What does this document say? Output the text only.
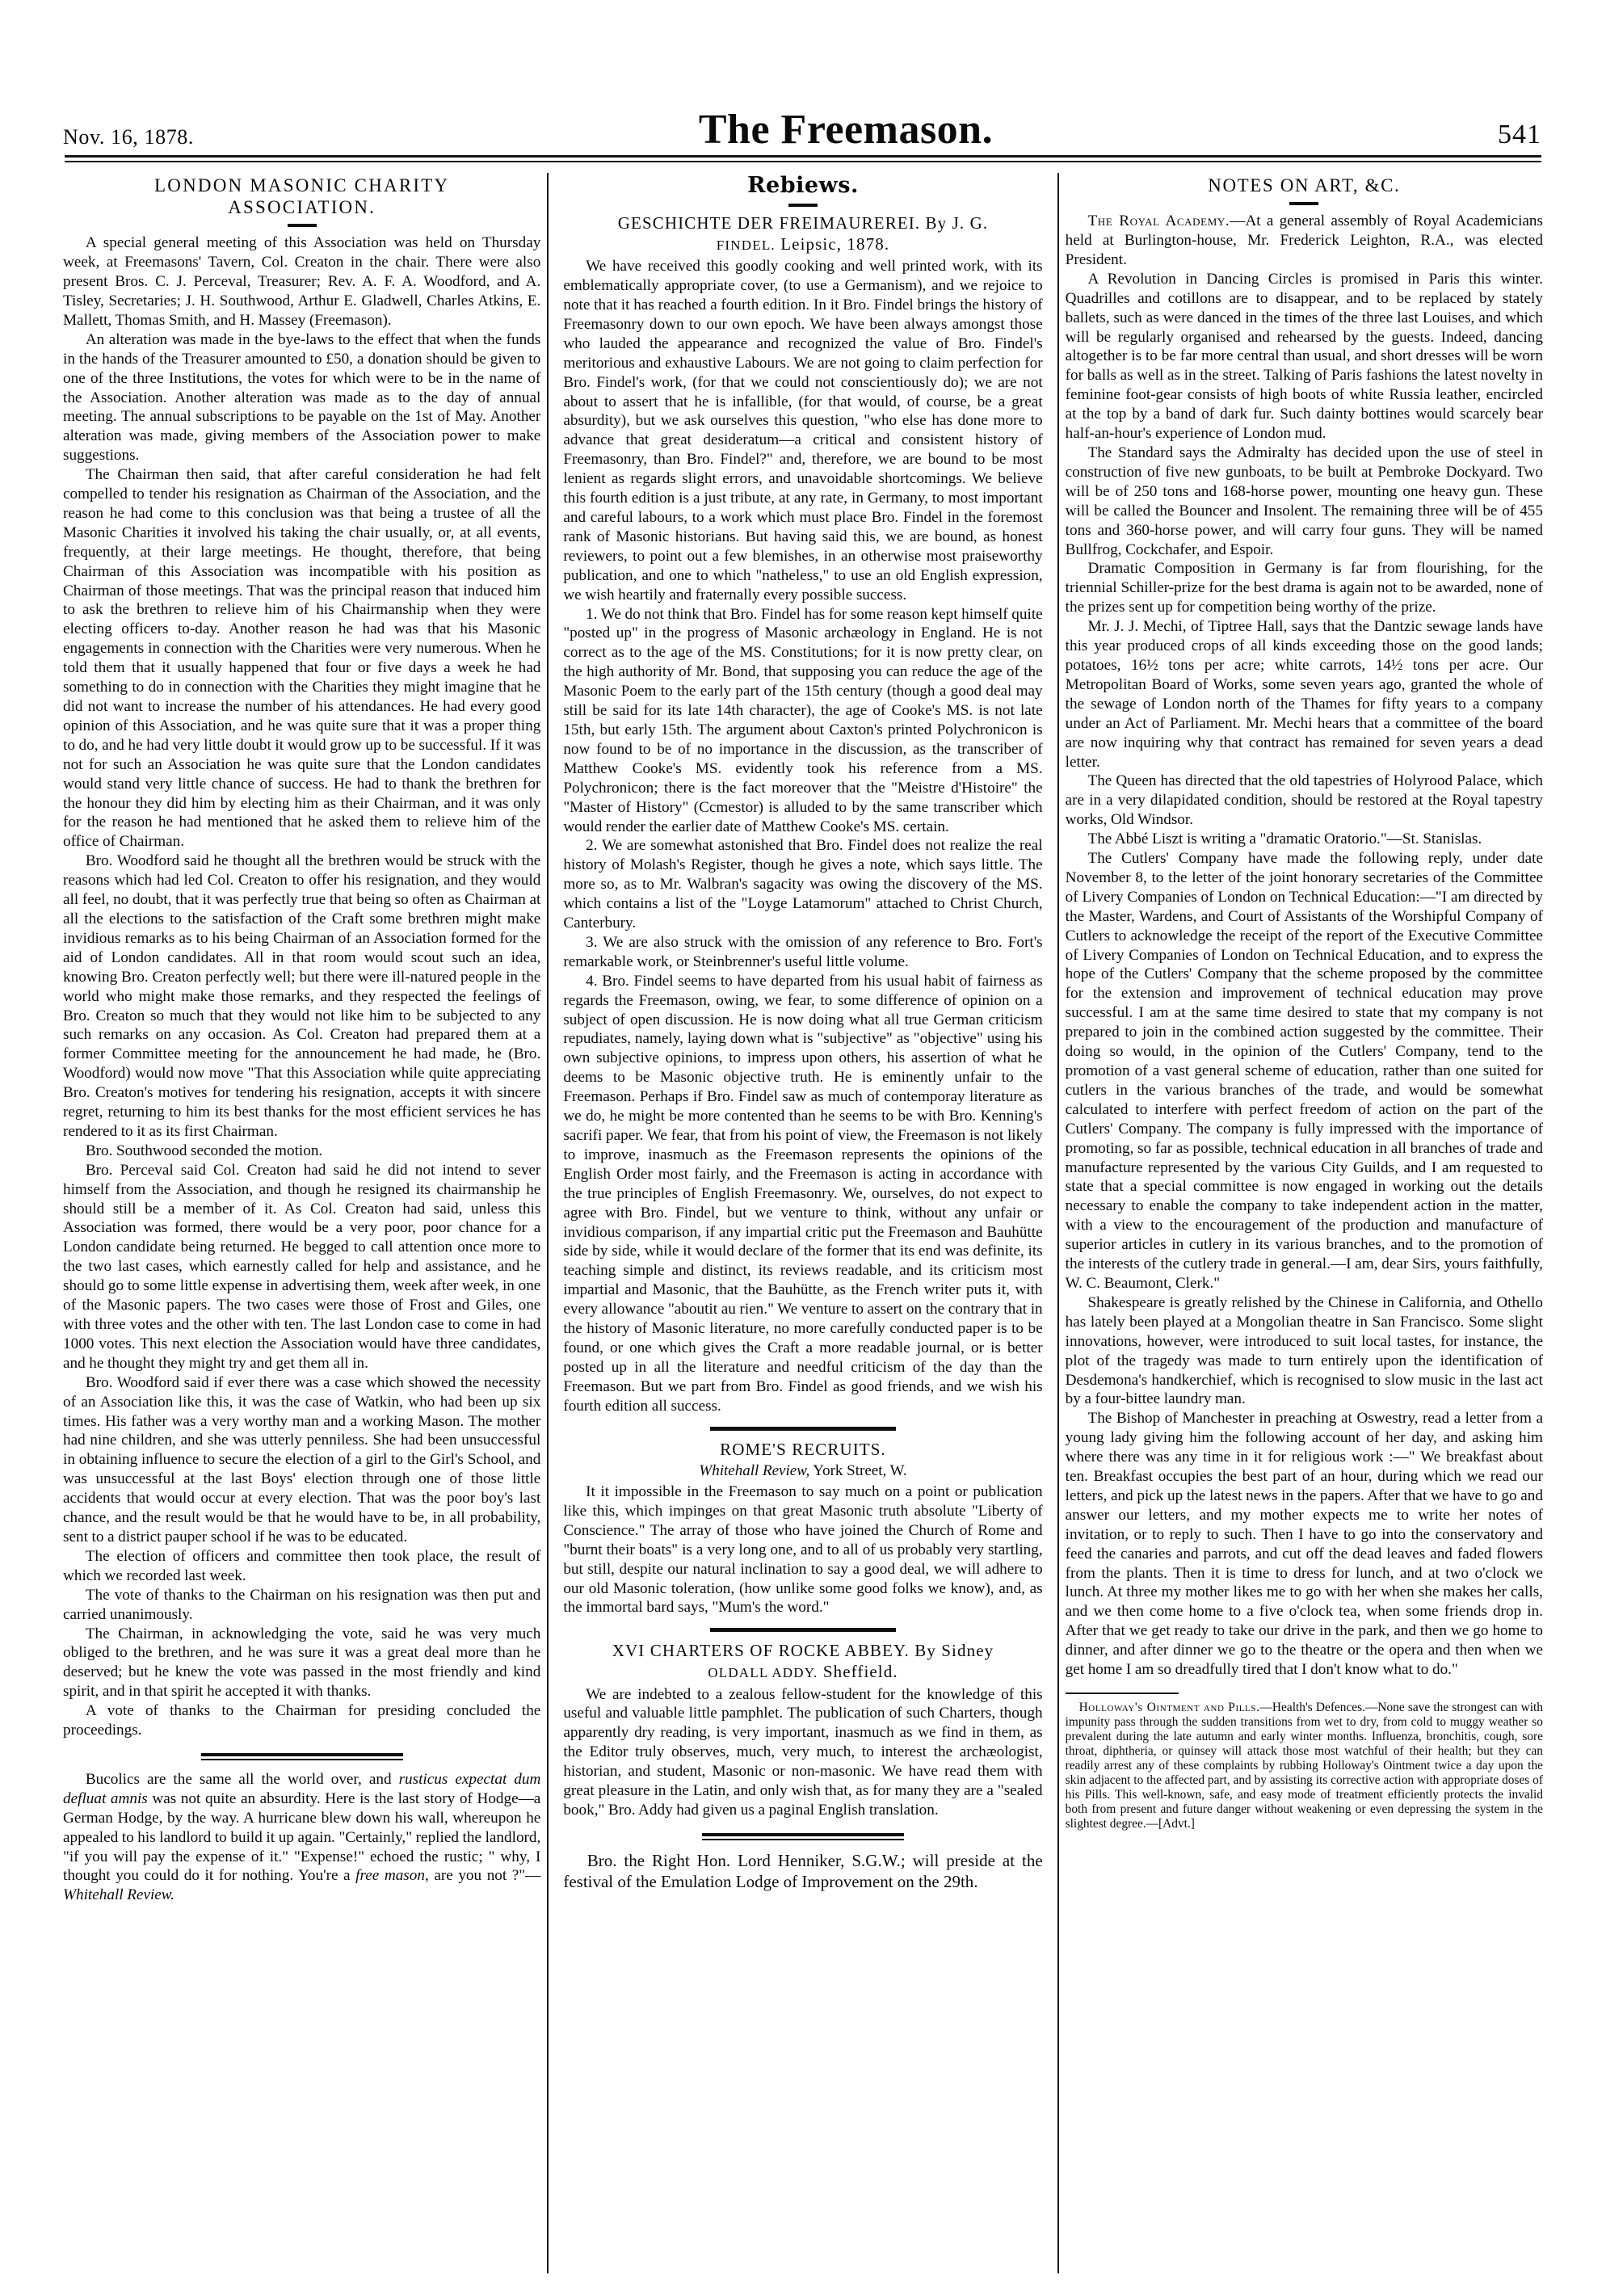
Nov. 16, 1878.	The Freemason.	541
LONDON MASONIC CHARITY
ASSOCIATION.

A special general meeting of this Association was held on Thursday week, at Freemasons' Tavern, Col. Creaton in the chair. There were also present Bros. C. J. Perceval, Treasurer; Rev. A. F. A. Woodford, and A. Tisley, Secretaries; J. H. Southwood, Arthur E. Gladwell, Charles Atkins, E. Mallett, Thomas Smith, and H. Massey (Freemason).

An alteration was made in the bye-laws to the effect that when the funds in the hands of the Treasurer amounted to £50, a donation should be given to one of the three Institutions, the votes for which were to be in the name of the Association. Another alteration was made as to the day of annual meeting. The annual subscriptions to be payable on the 1st of May. Another alteration was made, giving members of the Association power to make suggestions.

The Chairman then said, that after careful consideration he had felt compelled to tender his resignation as Chairman of the Association, and the reason he had come to this conclusion was that being a trustee of all the Masonic Charities it involved his taking the chair usually, or, at all events, frequently, at their large meetings. He thought, therefore, that being Chairman of this Association was incompatible with his position as Chairman of those meetings. That was the principal reason that induced him to ask the brethren to relieve him of his Chairmanship when they were electing officers to-day. Another reason he had was that his Masonic engagements in connection with the Charities were very numerous. When he told them that it usually happened that four or five days a week he had something to do in connection with the Charities they might imagine that he did not want to increase the number of his attendances. He had every good opinion of this Association, and he was quite sure that it was a proper thing to do, and he had very little doubt it would grow up to be successful. If it was not for such an Association he was quite sure that the London candidates would stand very little chance of success. He had to thank the brethren for the honour they did him by electing him as their Chairman, and it was only for the reason he had mentioned that he asked them to relieve him of the office of Chairman.

Bro. Woodford said he thought all the brethren would be struck with the reasons which had led Col. Creaton to offer his resignation, and they would all feel, no doubt, that it was perfectly true that being so often as Chairman at all the elections to the satisfaction of the Craft some brethren might make invidious remarks as to his being Chairman of an Association formed for the aid of London candidates. All in that room would scout such an idea, knowing Bro. Creaton perfectly well; but there were ill-natured people in the world who might make those remarks, and they respected the feelings of Bro. Creaton so much that they would not like him to be subjected to any such remarks on any occasion. As Col. Creaton had prepared them at a former Committee meeting for the announcement he had made, he (Bro. Woodford) would now move "That this Association while quite appreciating Bro. Creaton's motives for tendering his resignation, accepts it with sincere regret, returning to him its best thanks for the most efficient services he has rendered to it as its first Chairman.

Bro. Southwood seconded the motion.

Bro. Perceval said Col. Creaton had said he did not intend to sever himself from the Association, and though he resigned its chairmanship he should still be a member of it. As Col. Creaton had said, unless this Association was formed, there would be a very poor, poor chance for a London candidate being returned. He begged to call attention once more to the two last cases, which earnestly called for help and assistance, and he should go to some little expense in advertising them, week after week, in one of the Masonic papers. The two cases were those of Frost and Giles, one with three votes and the other with ten. The last London case to come in had 1000 votes. This next election the Association would have three candidates, and he thought they might try and get them all in.

Bro. Woodford said if ever there was a case which showed the necessity of an Association like this, it was the case of Watkin, who had been up six times. His father was a very worthy man and a working Mason. The mother had nine children, and she was utterly penniless. She had been unsuccessful in obtaining influence to secure the election of a girl to the Girl's School, and was unsuccessful at the last Boys' election through one of those little accidents that would occur at every election. That was the poor boy's last chance, and the result would be that he would have to be, in all probability, sent to a district pauper school if he was to be educated.

The election of officers and committee then took place, the result of which we recorded last week.

The vote of thanks to the Chairman on his resignation was then put and carried unanimously.

The Chairman, in acknowledging the vote, said he was very much obliged to the brethren, and he was sure it was a great deal more than he deserved; but he knew the vote was passed in the most friendly and kind spirit, and in that spirit he accepted it with thanks.

A vote of thanks to the Chairman for presiding concluded the proceedings.

Bucolics are the same all the world over, and rusticus expectat dum defluat amnis was not quite an absurdity. Here is the last story of Hodge—a German Hodge, by the way. A hurricane blew down his wall, whereupon he appealed to his landlord to build it up again. "Certainly," replied the landlord, "if you will pay the expense of it." "Expense!" echoed the rustic; " why, I thought you could do it for nothing. You're a free mason, are you not ?"—Whitehall Review.

Rebiews.
GESCHICHTE DER FREIMAUREREI. By J. G.
FINDEL. Leipsic, 1878.

We have received this goodly cooking and well printed work, with its emblematically appropriate cover, (to use a Germanism), and we rejoice to note that it has reached a fourth edition. In it Bro. Findel brings the history of Freemasonry down to our own epoch. We have been always amongst those who lauded the appearance and recognized the value of Bro. Findel's meritorious and exhaustive Labours. We are not going to claim perfection for Bro. Findel's work, (for that we could not conscientiously do); we are not about to assert that he is infallible, (for that would, of course, be a great absurdity), but we ask ourselves this question, "who else has done more to advance that great desideratum—a critical and consistent history of Freemasonry, than Bro. Findel?" and, therefore, we are bound to be most lenient as regards slight errors, and unavoidable shortcomings. We believe this fourth edition is a just tribute, at any rate, in Germany, to most important and careful labours, to a work which must place Bro. Findel in the foremost rank of Masonic historians. But having said this, we are bound, as honest reviewers, to point out a few blemishes, in an otherwise most praiseworthy publication, and one to which "natheless," to use an old English expression, we wish heartily and fraternally every possible success.

1. We do not think that Bro. Findel has for some reason kept himself quite "posted up" in the progress of Masonic archæology in England. He is not correct as to the age of the MS. Constitutions; for it is now pretty clear, on the high authority of Mr. Bond, that supposing you can reduce the age of the Masonic Poem to the early part of the 15th century (though a good deal may still be said for its late 14th character), the age of Cooke's MS. is not late 15th, but early 15th. The argument about Caxton's printed Polychronicon is now found to be of no importance in the discussion, as the transcriber of Matthew Cooke's MS. evidently took his reference from a MS. Polychronicon; there is the fact moreover that the "Meistre d'Histoire" the "Master of History" (Ccmestor) is alluded to by the same transcriber which would render the earlier date of Matthew Cooke's MS. certain.

2. We are somewhat astonished that Bro. Findel does not realize the real history of Molash's Register, though he gives a note, which says little. The more so, as to Mr. Walbran's sagacity was owing the discovery of the MS. which contains a list of the "Loyge Latamorum" attached to Christ Church, Canterbury.

3. We are also struck with the omission of any reference to Bro. Fort's remarkable work, or Steinbrenner's useful little volume.

4. Bro. Findel seems to have departed from his usual habit of fairness as regards the Freemason, owing, we fear, to some difference of opinion on a subject of open discussion. He is now doing what all true German criticism repudiates, namely, laying down what is "subjective" as "objective" using his own subjective opinions, to impress upon others, his assertion of what he deems to be Masonic objective truth. He is eminently unfair to the Freemason. Perhaps if Bro. Findel saw as much of contemporay literature as we do, he might be more contented than he seems to be with Bro. Kenning's sacrifi paper. We fear, that from his point of view, the Freemason is not likely to improve, inasmuch as the Freemason represents the opinions of the English Order most fairly, and the Freemason is acting in accordance with the true principles of English Freemasonry. We, ourselves, do not expect to agree with Bro. Findel, but we venture to think, without any unfair or invidious comparison, if any impartial critic put the Freemason and Bauhütte side by side, while it would declare of the former that its end was definite, its teaching simple and distinct, its reviews readable, and its criticism most impartial and Masonic, that the Bauhütte, as the French writer puts it, with every allowance "aboutit au rien." We venture to assert on the contrary that in the history of Masonic literature, no more carefully conducted paper is to be found, or one which gives the Craft a more readable journal, or is better posted up in all the literature and needful criticism of the day than the Freemason. But we part from Bro. Findel as good friends, and we wish his fourth edition all success.

ROME'S RECRUITS.
Whitehall Review, York Street, W.

It it impossible in the Freemason to say much on a point or publication like this, which impinges on that great Masonic truth absolute "Liberty of Conscience." The array of those who have joined the Church of Rome and "burnt their boats" is a very long one, and to all of us probably very startling, but still, despite our natural inclination to say a good deal, we will adhere to our old Masonic toleration, (how unlike some good folks we know), and, as the immortal bard says, "Mum's the word."

XVI CHARTERS OF ROCKE ABBEY. By Sidney
OLDALL ADDY. Sheffield.

We are indebted to a zealous fellow-student for the knowledge of this useful and valuable little pamphlet. The publication of such Charters, though apparently dry reading, is very important, inasmuch as we find in them, as the Editor truly observes, much, very much, to interest the archæologist, historian, and student, Masonic or non-masonic. We have read them with great pleasure in the Latin, and only wish that, as for many they are a "sealed book," Bro. Addy had given us a paginal English translation.

Bro. the Right Hon. Lord Henniker, S.G.W.; will preside at the festival of the Emulation Lodge of Improvement on the 29th.

NOTES ON ART, &C.

The Royal Academy.—At a general assembly of Royal Academicians held at Burlington-house, Mr. Frederick Leighton, R.A., was elected President.

A Revolution in Dancing Circles is promised in Paris this winter. Quadrilles and cotillons are to disappear, and to be replaced by stately ballets, such as were danced in the times of the three last Louises, and which will be regularly organised and rehearsed by the guests. Indeed, dancing altogether is to be far more central than usual, and short dresses will be worn for balls as well as in the street. Talking of Paris fashions the latest novelty in feminine foot-gear consists of high boots of white Russia leather, encircled at the top by a band of dark fur. Such dainty bottines would scarcely bear half-an-hour's experience of London mud.

The Standard says the Admiralty has decided upon the use of steel in construction of five new gunboats, to be built at Pembroke Dockyard. Two will be of 250 tons and 168-horse power, mounting one heavy gun. These will be called the Bouncer and Insolent. The remaining three will be of 455 tons and 360-horse power, and will carry four guns. They will be named Bullfrog, Cockchafer, and Espoir.

Dramatic Composition in Germany is far from flourishing, for the triennial Schiller-prize for the best drama is again not to be awarded, none of the prizes sent up for competition being worthy of the prize.

Mr. J. J. Mechi, of Tiptree Hall, says that the Dantzic sewage lands have this year produced crops of all kinds exceeding those on the good lands; potatoes, 16½ tons per acre; white carrots, 14½ tons per acre. Our Metropolitan Board of Works, some seven years ago, granted the whole of the sewage of London north of the Thames for fifty years to a company under an Act of Parliament. Mr. Mechi hears that a committee of the board are now inquiring why that contract has remained for seven years a dead letter.

The Queen has directed that the old tapestries of Holyrood Palace, which are in a very dilapidated condition, should be restored at the Royal tapestry works, Old Windsor.

The Abbé Liszt is writing a "dramatic Oratorio."—St. Stanislas.

The Cutlers' Company have made the following reply, under date November 8, to the letter of the joint honorary secretaries of the Committee of Livery Companies of London on Technical Education:—"I am directed by the Master, Wardens, and Court of Assistants of the Worshipful Company of Cutlers to acknowledge the receipt of the report of the Executive Committee of Livery Companies of London on Technical Education, and to express the hope of the Cutlers' Company that the scheme proposed by the committee for the extension and improvement of technical education may prove successful. I am at the same time desired to state that my company is not prepared to join in the combined action suggested by the committee. Their doing so would, in the opinion of the Cutlers' Company, tend to the promotion of a vast general scheme of education, rather than one suited for cutlers in the various branches of the trade, and would be somewhat calculated to interfere with perfect freedom of action on the part of the Cutlers' Company. The company is fully impressed with the importance of promoting, so far as possible, technical education in all branches of trade and manufacture represented by the various City Guilds, and I am requested to state that a special committee is now engaged in working out the details necessary to enable the company to take independent action in the matter, with a view to the encouragement of the production and manufacture of superior articles in cutlery in its various branches, and to the promotion of the interests of the cutlery trade in general.—I am, dear Sirs, yours faithfully, W. C. Beaumont, Clerk."

Shakespeare is greatly relished by the Chinese in California, and Othello has lately been played at a Mongolian theatre in San Francisco. Some slight innovations, however, were introduced to suit local tastes, for instance, the plot of the tragedy was made to turn entirely upon the identification of Desdemona's handkerchief, which is recognised to slow music in the last act by a four-bittee laundry man.

The Bishop of Manchester in preaching at Oswestry, read a letter from a young lady giving him the following account of her day, and asking him where there was any time in it for religious work :—" We breakfast about ten. Breakfast occupies the best part of an hour, during which we read our letters, and pick up the latest news in the papers. After that we have to go and answer our letters, and my mother expects me to write her notes of invitation, or to reply to such. Then I have to go into the conservatory and feed the canaries and parrots, and cut off the dead leaves and faded flowers from the plants. Then it is time to dress for lunch, and at two o'clock we lunch. At three my mother likes me to go with her when she makes her calls, and we then come home to a five o'clock tea, when some friends drop in. After that we get ready to take our drive in the park, and then we go home to dinner, and after dinner we go to the theatre or the opera and then when we get home I am so dreadfully tired that I don't know what to do."

Holloway's Ointment and Pills.—Health's Defences.—None save the strongest can with impunity pass through the sudden transitions from wet to dry, from cold to muggy weather so prevalent during the late autumn and early winter months. Influenza, bronchitis, cough, sore throat, diphtheria, or quinsey will attack those most watchful of their health; but they can readily arrest any of these complaints by rubbing Holloway's Ointment twice a day upon the skin adjacent to the affected part, and by assisting its corrective action with appropriate doses of his Pills. This well-known, safe, and easy mode of treatment efficiently protects the invalid both from present and future danger without weakening or even depressing the system in the slightest degree.—[Advt.]
